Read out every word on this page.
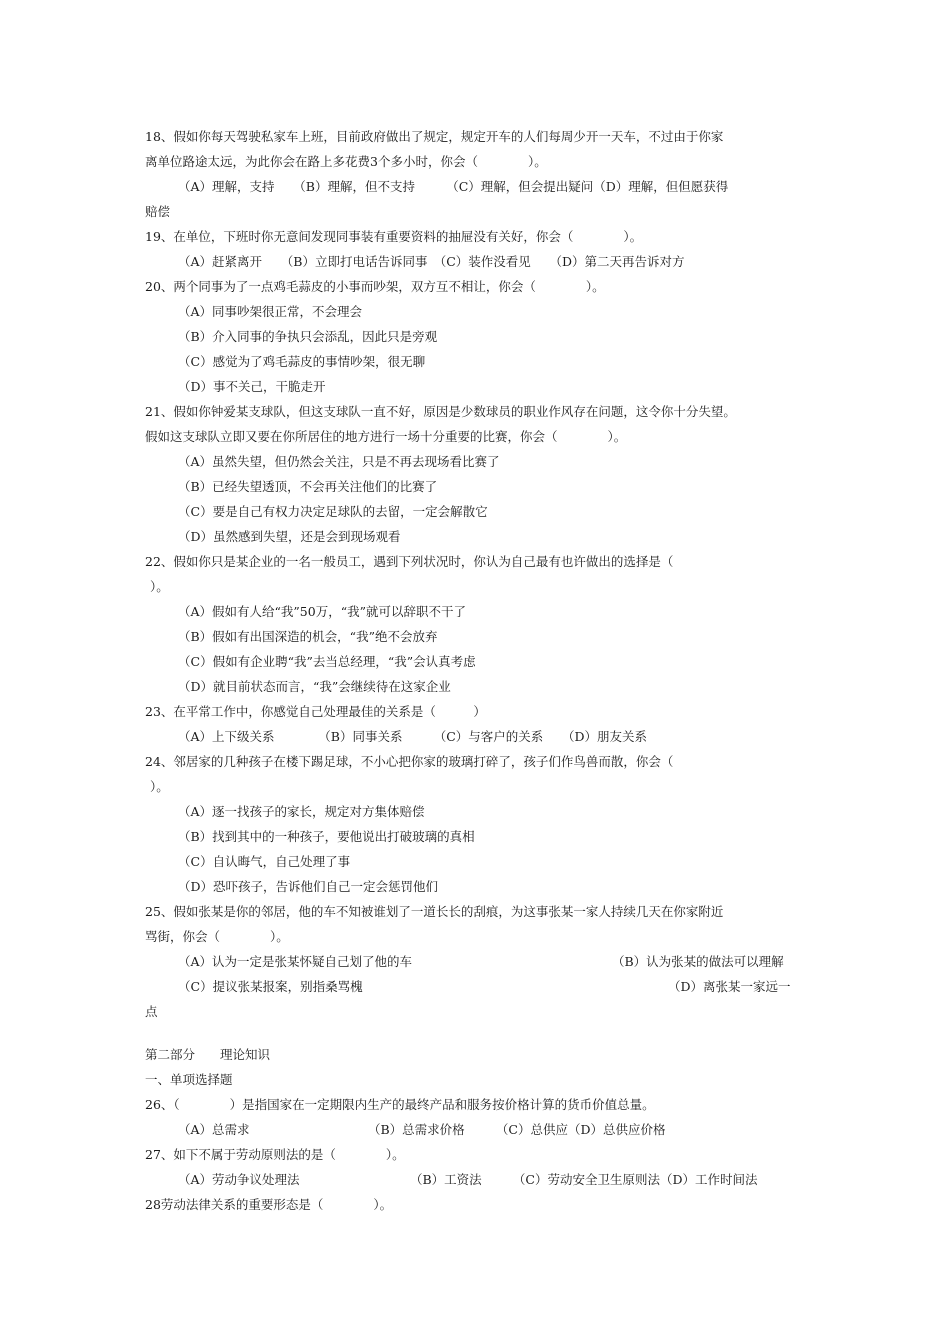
18、假如你每天驾驶私家车上班，目前政府做出了规定，规定开车的人们每周少开一天车，不过由于你家
离单位路途太远，为此你会在路上多花费3个多小时，你会（　　　　）。
（A）理解，支持　　（B）理解，但不支持　　　（C）理解，但会提出疑问（D）理解，但但愿获得
赔偿
19、在单位，下班时你无意间发现同事装有重要资料的抽屉没有关好，你会（　　　　）。
（A）赶紧离开　　（B）立即打电话告诉同事　（C）装作没看见　　（D）第二天再告诉对方
20、两个同事为了一点鸡毛蒜皮的小事而吵架，双方互不相让，你会（　　　　）。
（A）同事吵架很正常，不会理会
（B）介入同事的争执只会添乱，因此只是旁观
（C）感觉为了鸡毛蒜皮的事情吵架，很无聊
（D）事不关己，干脆走开
21、假如你钟爱某支球队，但这支球队一直不好，原因是少数球员的职业作风存在问题，这令你十分失望。
假如这支球队立即又要在你所居住的地方进行一场十分重要的比赛，你会（　　　　）。
（A）虽然失望，但仍然会关注，只是不再去现场看比赛了
（B）已经失望透顶，不会再关注他们的比赛了
（C）要是自己有权力决定足球队的去留，一定会解散它
（D）虽然感到失望，还是会到现场观看
22、假如你只是某企业的一名一般员工，遇到下列状况时，你认为自己最有也许做出的选择是（
）。
（A）假如有人给“我”50万，“我”就可以辞职不干了
（B）假如有出国深造的机会，“我”绝不会放弃
（C）假如有企业聘“我”去当总经理，“我”会认真考虑
（D）就目前状态而言，“我”会继续待在这家企业
23、在平常工作中，你感觉自己处理最佳的关系是（　　　）
（A）上下级关系　　　　（B）同事关系　　　（C）与客户的关系　　（D）朋友关系
24、邻居家的几种孩子在楼下踢足球，不小心把你家的玻璃打碎了，孩子们作鸟兽而散，你会（
）。
（A）逐一找孩子的家长，规定对方集体赔偿
（B）找到其中的一种孩子，要他说出打破玻璃的真相
（C）自认晦气，自己处理了事
（D）恐吓孩子，告诉他们自己一定会惩罚他们
25、假如张某是你的邻居，他的车不知被谁划了一道长长的刮痕，为这事张某一家人持续几天在你家附近
骂街，你会（　　　　）。
（A）认为一定是张某怀疑自己划了他的车	（B）认为张某的做法可以理解
（C）提议张某报案，别指桑骂槐	（D）离张某一家远一
点
第二部分　　理论知识
一、单项选择题
26、（　　　　）是指国家在一定期限内生产的最终产品和服务按价格计算的货币价值总量。
（A）总需求	（B）总需求价格　　　（C）总供应（D）总供应价格
27、如下不属于劳动原则法的是（　　　　）。
（A）劳动争议处理法	（B）工资法　　　（C）劳动安全卫生原则法（D）工作时间法
28劳动法律关系的重要形态是（　　　　）。
